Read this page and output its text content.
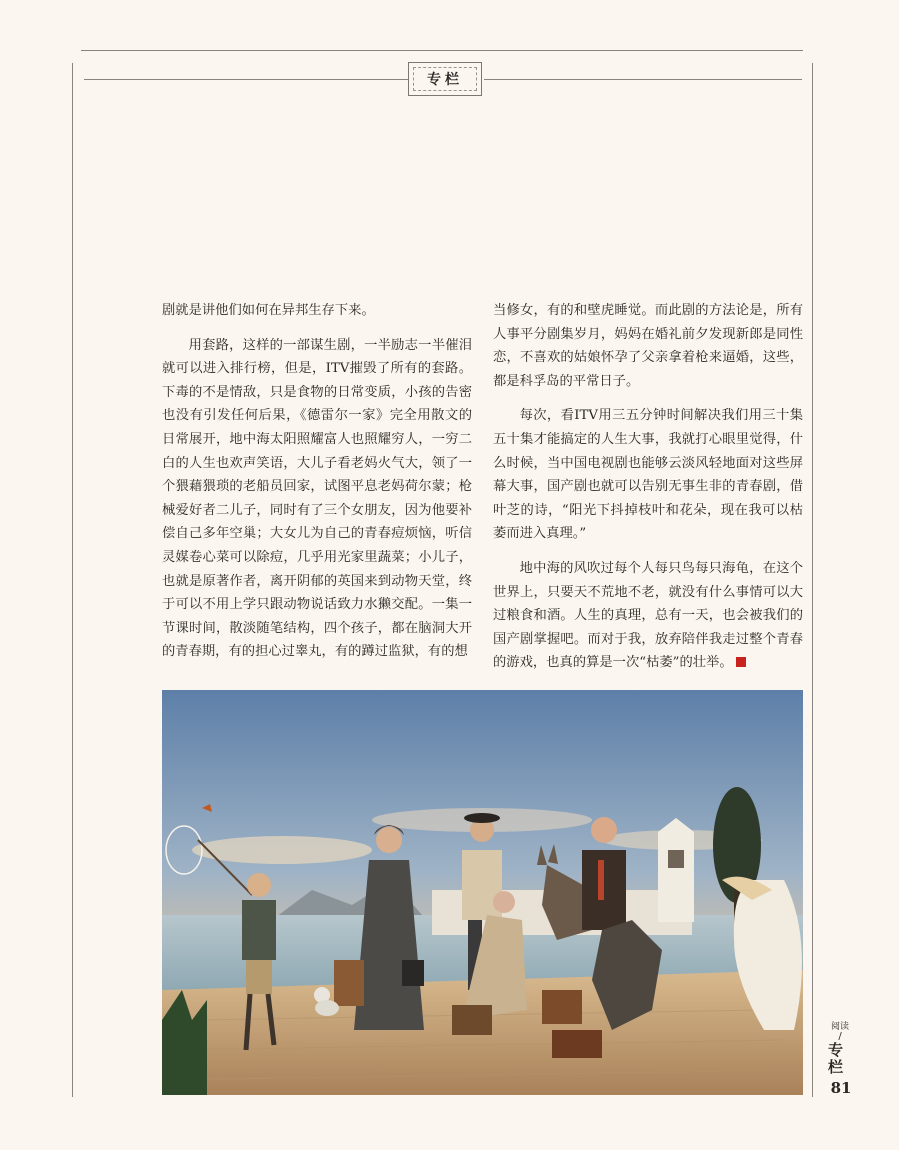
专栏

剧就是讲他们如何在异邦生存下来。

用套路，这样的一部谋生剧，一半励志一半催泪就可以进入排行榜，但是，ITV摧毁了所有的套路。下毒的不是情敌，只是食物的日常变质，小孩的告密也没有引发任何后果，《德雷尔一家》完全用散文的日常展开，地中海太阳照耀富人也照耀穷人，一穷二白的人生也欢声笑语，大儿子看老妈火气大，领了一个猥藉猥琐的老船员回家，试图平息老妈荷尔蒙；枪械爱好者二儿子，同时有了三个女朋友，因为他要补偿自己多年空巢；大女儿为自己的青春痘烦恼，听信灵媒卷心菜可以除痘，几乎用光家里蔬菜；小儿子，也就是原著作者，离开阴郁的英国来到动物天堂，终于可以不用上学只跟动物说话致力水獭交配。一集一节课时间，散淡随笔结构，四个孩子，都在脑洞大开的青春期，有的担心过睾丸，有的蹲过监狱，有的想

当修女，有的和壁虎睡觉。而此剧的方法论是，所有人事平分剧集岁月，妈妈在婚礼前夕发现新郎是同性恋，不喜欢的姑娘怀孕了父亲拿着枪来逼婚，这些，都是科孚岛的平常日子。

每次，看ITV用三五分钟时间解决我们用三十集五十集才能搞定的人生大事，我就打心眼里觉得，什么时候，当中国电视剧也能够云淡风轻地面对这些屏幕大事，国产剧也就可以告别无事生非的青春剧，借叶芝的诗，“阳光下抖掉枝叶和花朵，现在我可以枯萎而进入真理。”

地中海的风吹过每个人每只鸟每只海龟，在这个世界上，只要天不荒地不老，就没有什么事情可以大过粮食和酒。人生的真理，总有一天，也会被我们的国产剧掌握吧。而对于我，放弃陪伴我走过整个青春的游戏，也真的算是一次“枯萎”的壮举。

阅读
/
专栏
81
